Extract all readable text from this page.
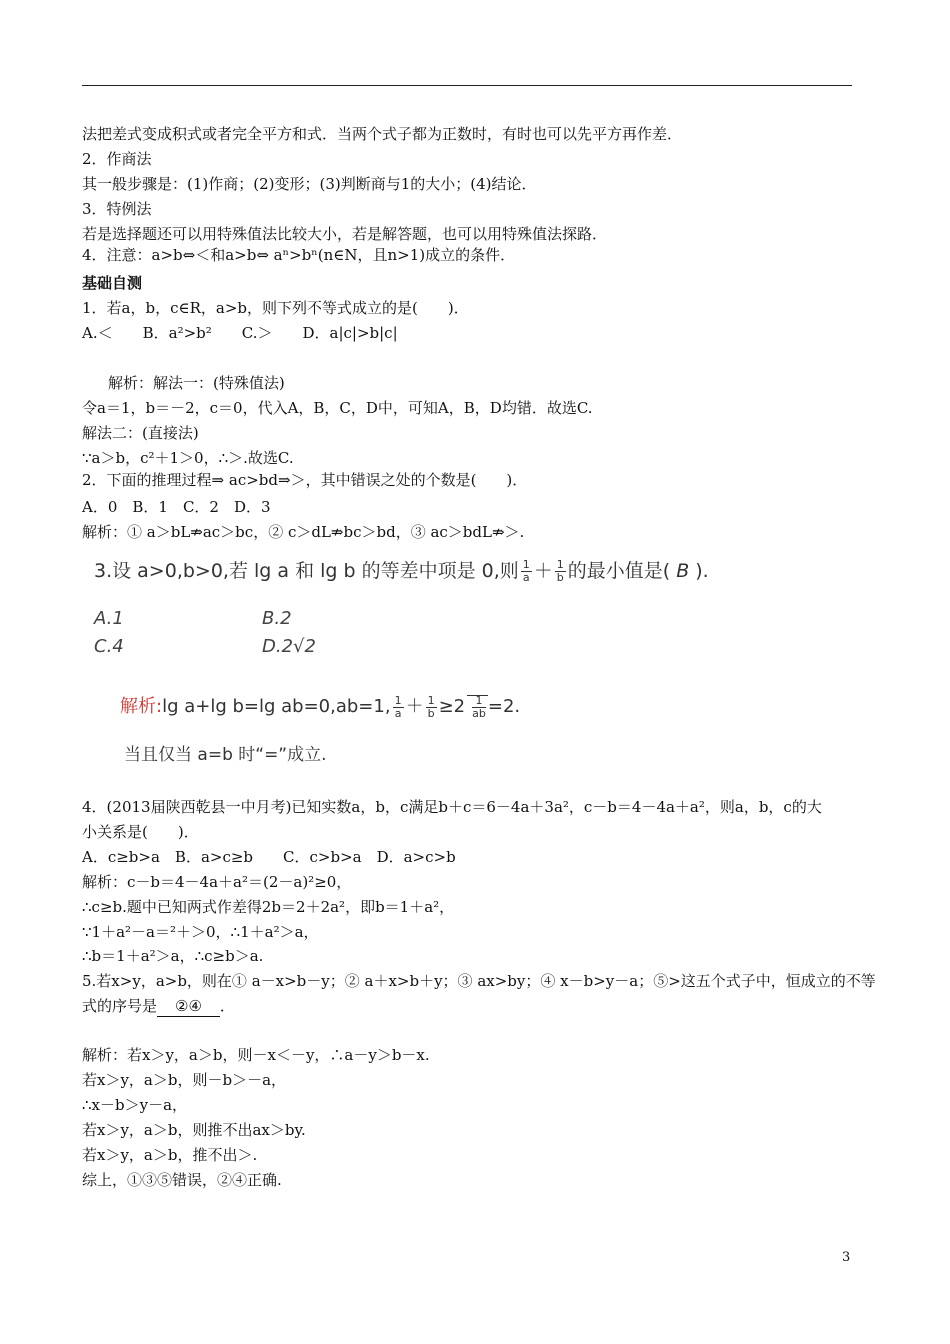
法把差式变成积式或者完全平方和式．当两个式子都为正数时，有时也可以先平方再作差．
2．作商法
其一般步骤是：(1)作商；(2)变形；(3)判断商与1的大小；(4)结论．
3．特例法
若是选择题还可以用特殊值法比较大小，若是解答题，也可以用特殊值法探路．
4．注意：a>b⇔＜和a>b⇔ aⁿ>bⁿ(n∈N，且n>1)成立的条件．
基础自测
1．若a，b，c∈R，a>b，则下列不等式成立的是(　　)．
A.＜　　B．a²>b²　　C.＞　　D．a|c|>b|c|
解析：解法一：(特殊值法)
令a＝1，b＝－2，c＝0，代入A，B，C，D中，可知A，B，D均错．故选C.
解法二：(直接法)
∵a＞b，c²＋1＞0，∴＞.故选C.
2．下面的推理过程⇒ ac>bd⇒＞，其中错误之处的个数是(　　)．
A．0　B．1　C．2　D．3
解析：① a＞bL⇏ac＞bc，② c＞dL⇏bc＞bd，③ ac＞bdL⇏＞.
3.设 a>0,b>0,若 lg a 和 lg b 的等差中项是 0,则 $\frac{1}{a} + \frac{1}{b}$ 的最小值是( B ).
A.1	B.2
C.4	D.2√2
解析:lg a+lg b=lg ab=0,ab=1, $\frac{1}{a} + \frac{1}{b} \ge 2 \frac{1}{ab} =2$.
当且仅当 a=b 时“=”成立.
4．(2013届陕西乾县一中月考)已知实数a，b，c满足b＋c＝6－4a＋3a²，c－b＝4－4a＋a²，则a，b，c的大
小关系是(　　)．
A．c≥b>a　B．a>c≥b　　C．c>b>a　D．a>c>b
解析：c－b＝4－4a＋a²＝(2－a)²≥0，
∴c≥b.题中已知两式作差得2b＝2＋2a²，即b＝1＋a²，
∵1＋a²－a＝²＋＞0，∴1＋a²＞a，
∴b＝1＋a²＞a，∴c≥b＞a.
5.若x>y，a>b，则在① a－x>b－y；② a＋x>b＋y；③ ax>by；④ x－b>y－a；⑤>这五个式子中，恒成立的不等
式的序号是 ②④ ．
解析：若x＞y，a＞b，则－x＜－y，∴a－y＞b－x.
若x＞y，a＞b，则－b＞－a，
∴x－b＞y－a，
若x＞y，a＞b，则推不出ax＞by.
若x＞y，a＞b，推不出＞.
综上，①③⑤错误，②④正确.
3
